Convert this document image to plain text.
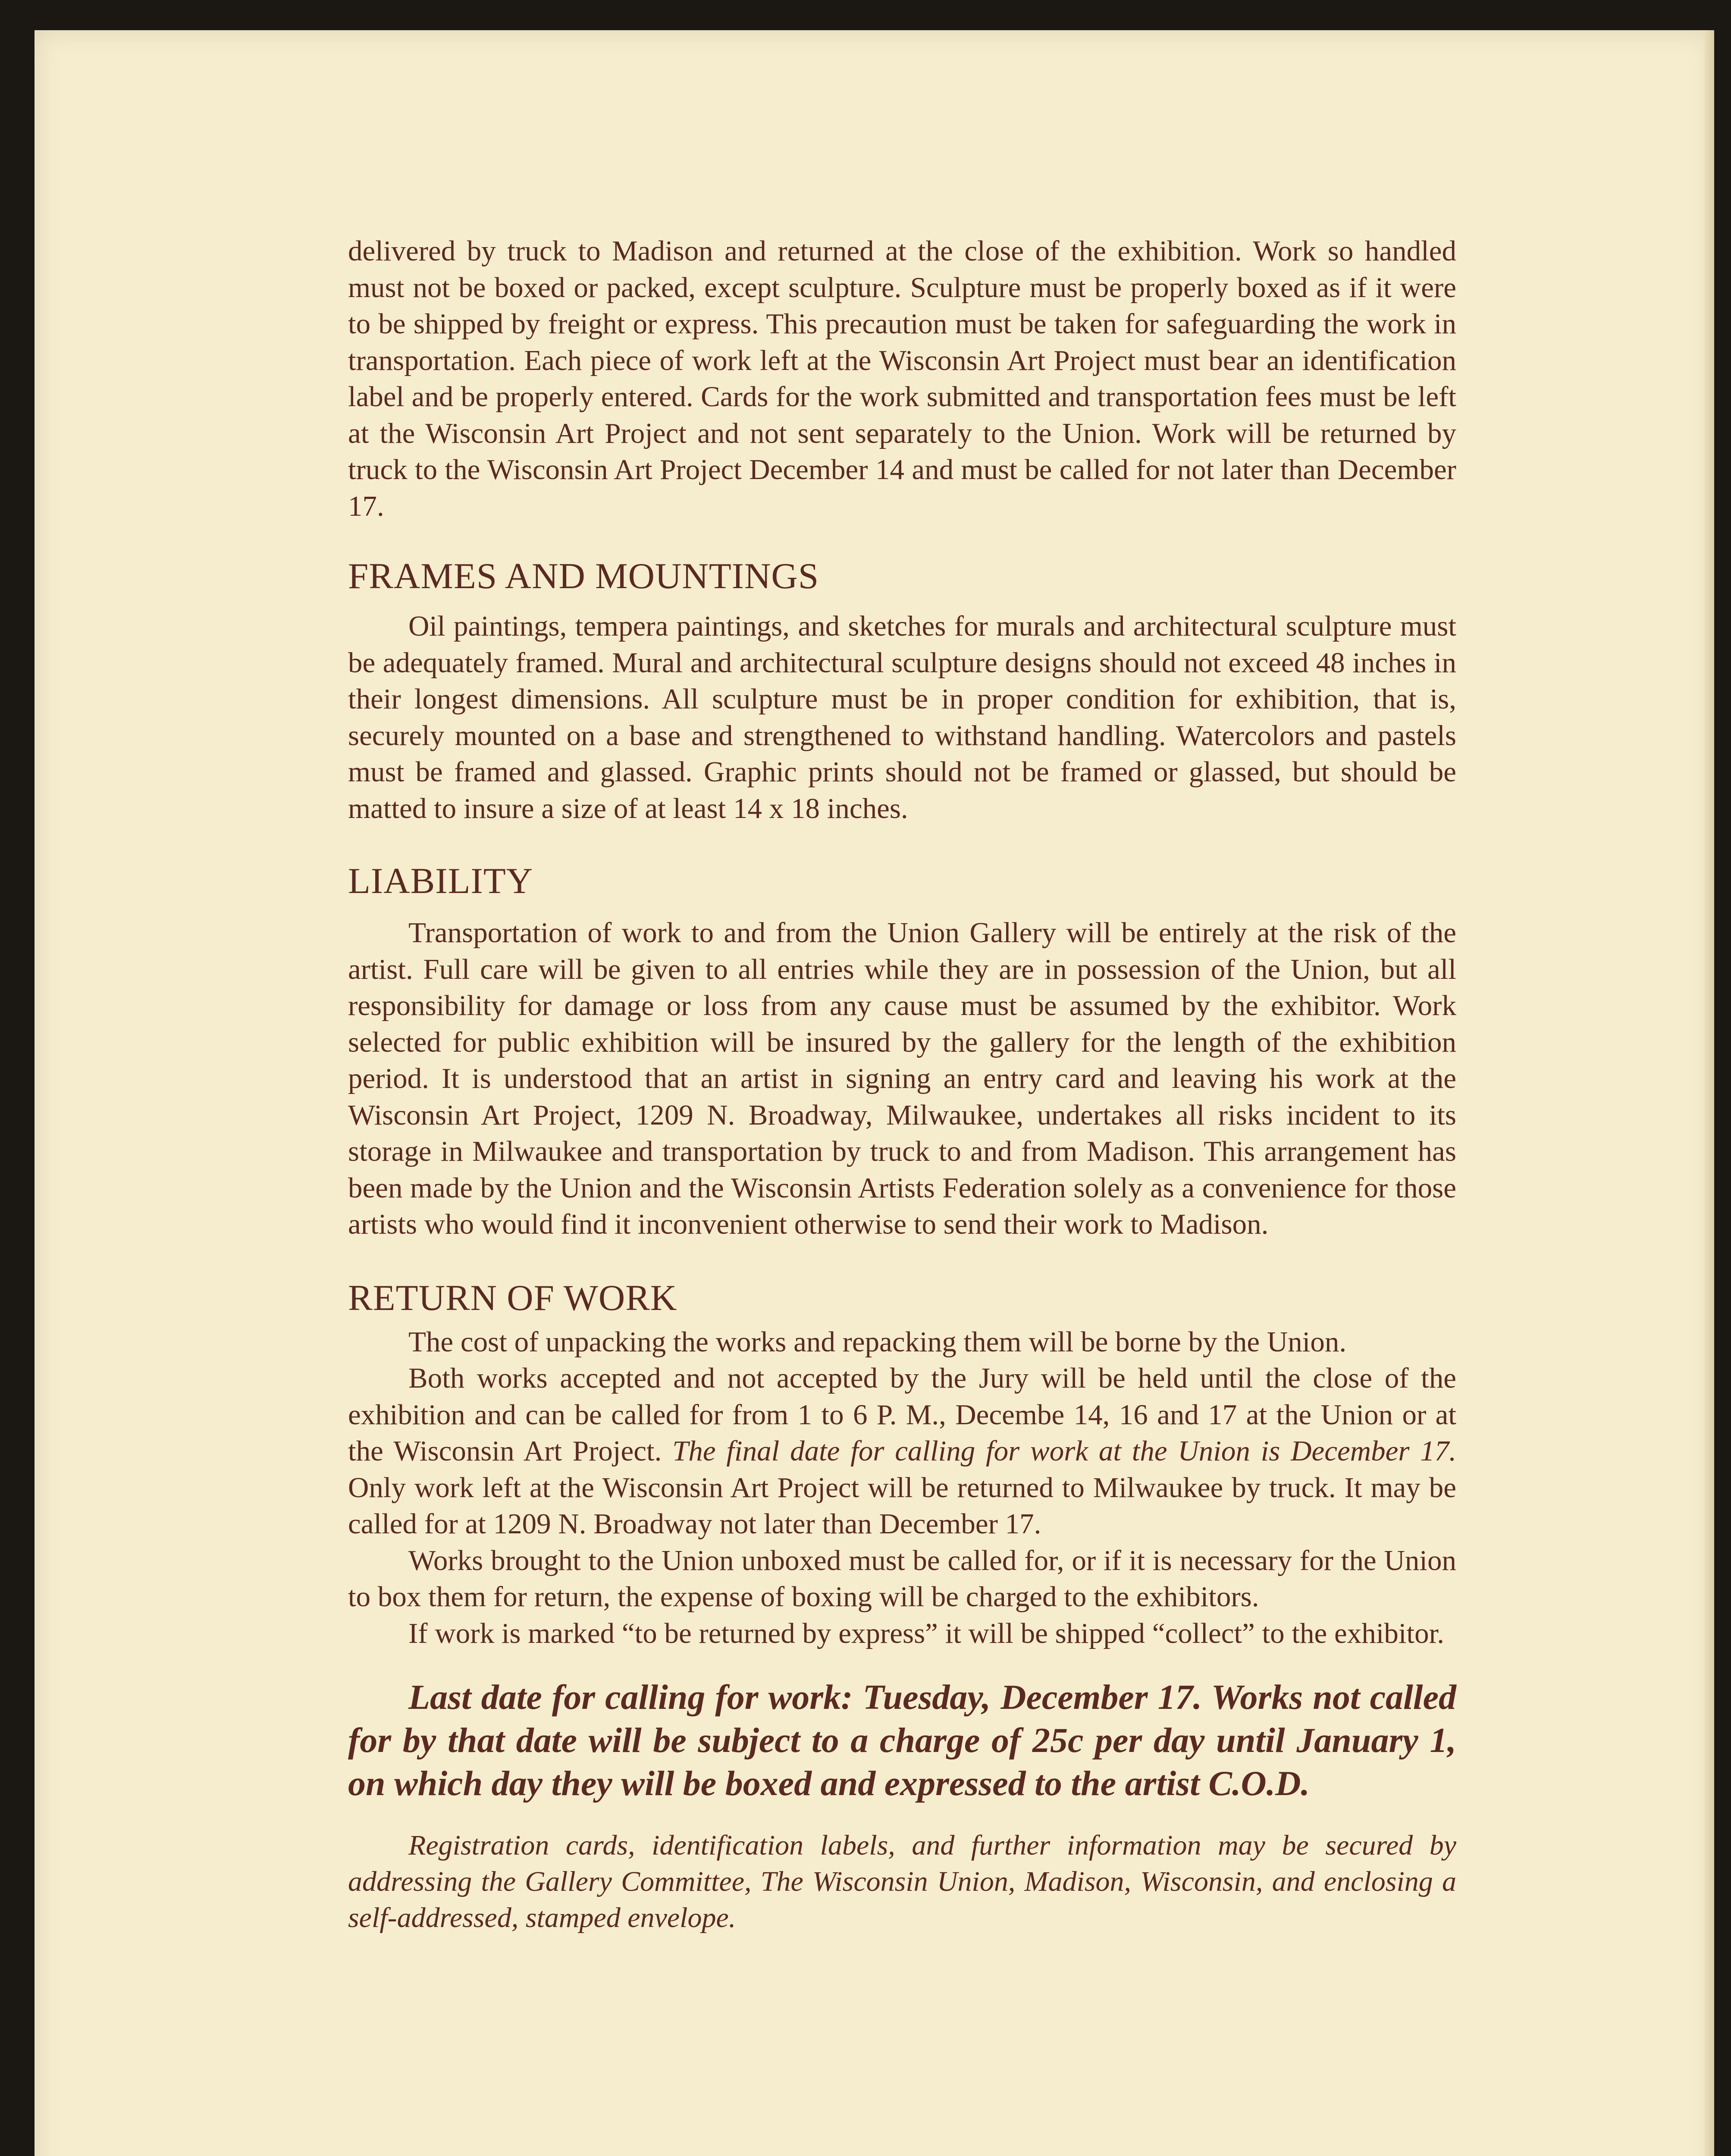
delivered by truck to Madison and returned at the close of the exhibition. Work so handled must not be boxed or packed, except sculpture. Sculpture must be properly boxed as if it were to be shipped by freight or express. This precaution must be taken for safeguarding the work in transportation. Each piece of work left at the Wisconsin Art Project must bear an identification label and be properly entered. Cards for the work submitted and transportation fees must be left at the Wisconsin Art Project and not sent separately to the Union. Work will be returned by truck to the Wisconsin Art Project December 14 and must be called for not later than December 17.

FRAMES AND MOUNTINGS

Oil paintings, tempera paintings, and sketches for murals and architectural sculpture must be adequately framed. Mural and architectural sculpture designs should not exceed 48 inches in their longest dimensions. All sculpture must be in proper condition for exhibition, that is, securely mounted on a base and strengthened to withstand handling. Watercolors and pastels must be framed and glassed. Graphic prints should not be framed or glassed, but should be matted to insure a size of at least 14 x 18 inches.

LIABILITY

Transportation of work to and from the Union Gallery will be entirely at the risk of the artist. Full care will be given to all entries while they are in possession of the Union, but all responsibility for damage or loss from any cause must be assumed by the exhibitor. Work selected for public exhibition will be insured by the gallery for the length of the exhibition period. It is understood that an artist in signing an entry card and leaving his work at the Wisconsin Art Project, 1209 N. Broadway, Milwaukee, undertakes all risks incident to its storage in Milwaukee and transportation by truck to and from Madison. This arrangement has been made by the Union and the Wisconsin Artists Federation solely as a convenience for those artists who would find it inconvenient otherwise to send their work to Madison.

RETURN OF WORK

The cost of unpacking the works and repacking them will be borne by the Union.

Both works accepted and not accepted by the Jury will be held until the close of the exhibition and can be called for from 1 to 6 P. M., Decembe 14, 16 and 17 at the Union or at the Wisconsin Art Project. The final date for calling for work at the Union is December 17. Only work left at the Wisconsin Art Project will be returned to Milwaukee by truck. It may be called for at 1209 N. Broadway not later than December 17.

Works brought to the Union unboxed must be called for, or if it is necessary for the Union to box them for return, the expense of boxing will be charged to the exhibitors.

If work is marked “to be returned by express” it will be shipped “collect” to the exhibitor.

Last date for calling for work: Tuesday, December 17. Works not called for by that date will be subject to a charge of 25c per day until January 1, on which day they will be boxed and expressed to the artist C.O.D.

Registration cards, identification labels, and further information may be secured by addressing the Gallery Committee, The Wisconsin Union, Madison, Wisconsin, and enclosing a self-addressed, stamped envelope.
